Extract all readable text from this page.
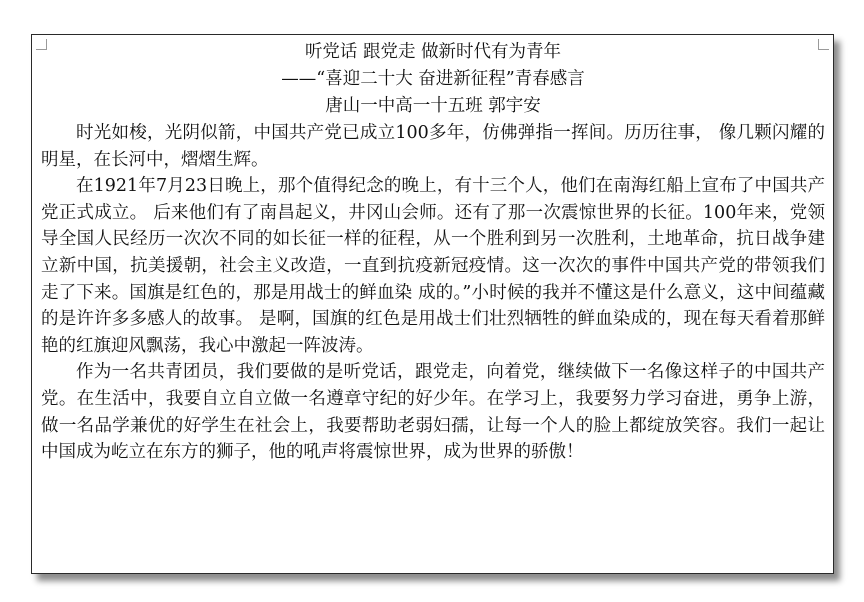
听党话 跟党走 做新时代有为青年
——“喜迎二十大 奋进新征程”青春感言
唐山一中高一十五班 郭宇安

时光如梭，光阴似箭，中国共产党已成立100多年，仿佛弹指一挥间。历历往事， 像几颗闪耀的明星，在长河中，熠熠生辉。

在1921年7月23日晚上，那个值得纪念的晚上，有十三个人，他们在南海红船上宣布了中国共产党正式成立。 后来他们有了南昌起义，井冈山会师。还有了那一次震惊世界的长征。100年来，党领导全国人民经历一次次不同的如长征一样的征程，从一个胜利到另一次胜利，土地革命，抗日战争建立新中国，抗美援朝，社会主义改造，一直到抗疫新冠疫情。这一次次的事件中国共产党的带领我们走了下来。国旗是红色的，那是用战士的鲜血染 成的。”小时候的我并不懂这是什么意义，这中间蕴藏的是许许多多感人的故事。 是啊，国旗的红色是用战士们壮烈牺牲的鲜血染成的，现在每天看着那鲜艳的红旗迎风飘荡，我心中激起一阵波涛。

作为一名共青团员，我们要做的是听党话，跟党走，向着党，继续做下一名像这样子的中国共产党。在生活中，我要自立自立做一名遵章守纪的好少年。在学习上，我要努力学习奋进，勇争上游，做一名品学兼优的好学生在社会上，我要帮助老弱妇孺，让每一个人的脸上都绽放笑容。我们一起让中国成为屹立在东方的狮子，他的吼声将震惊世界，成为世界的骄傲！
